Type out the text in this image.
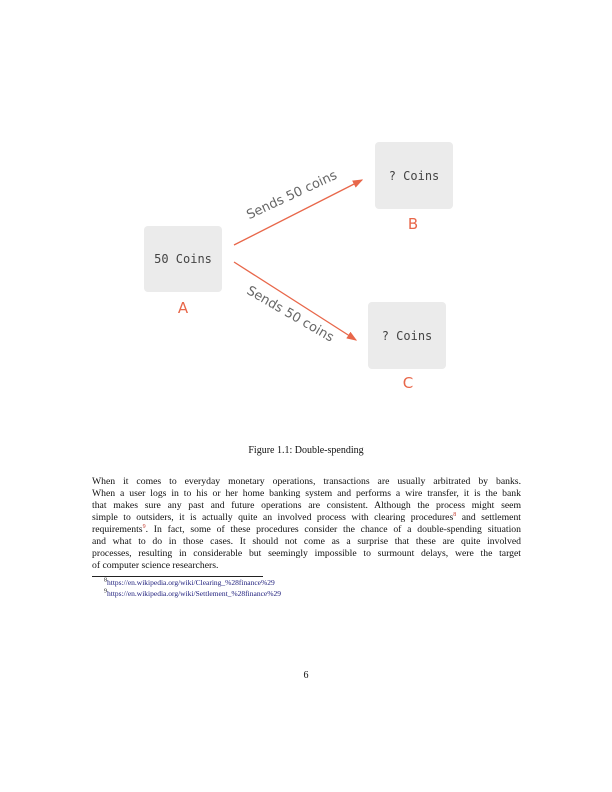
50 Coins
A
? Coins
B
? Coins
C
Sends 50 coins
Sends 50 coins
Figure 1.1: Double-spending
When it comes to everyday monetary operations, transactions are usually arbitrated by banks.
When a user logs in to his or her home banking system and performs a wire transfer, it is the bank
that makes sure any past and future operations are consistent. Although the process might seem
simple to outsiders, it is actually quite an involved process with clearing procedures$^8$ and settlement
requirements$^9$. In fact, some of these procedures consider the chance of a double-spending situation
and what to do in those cases. It should not come as a surprise that these are quite involved
processes, resulting in considerable but seemingly impossible to surmount delays, were the target
of computer science researchers.
$^8$https://en.wikipedia.org/wiki/Clearing_%28finance%29
$^9$https://en.wikipedia.org/wiki/Settlement_%28finance%29
6
